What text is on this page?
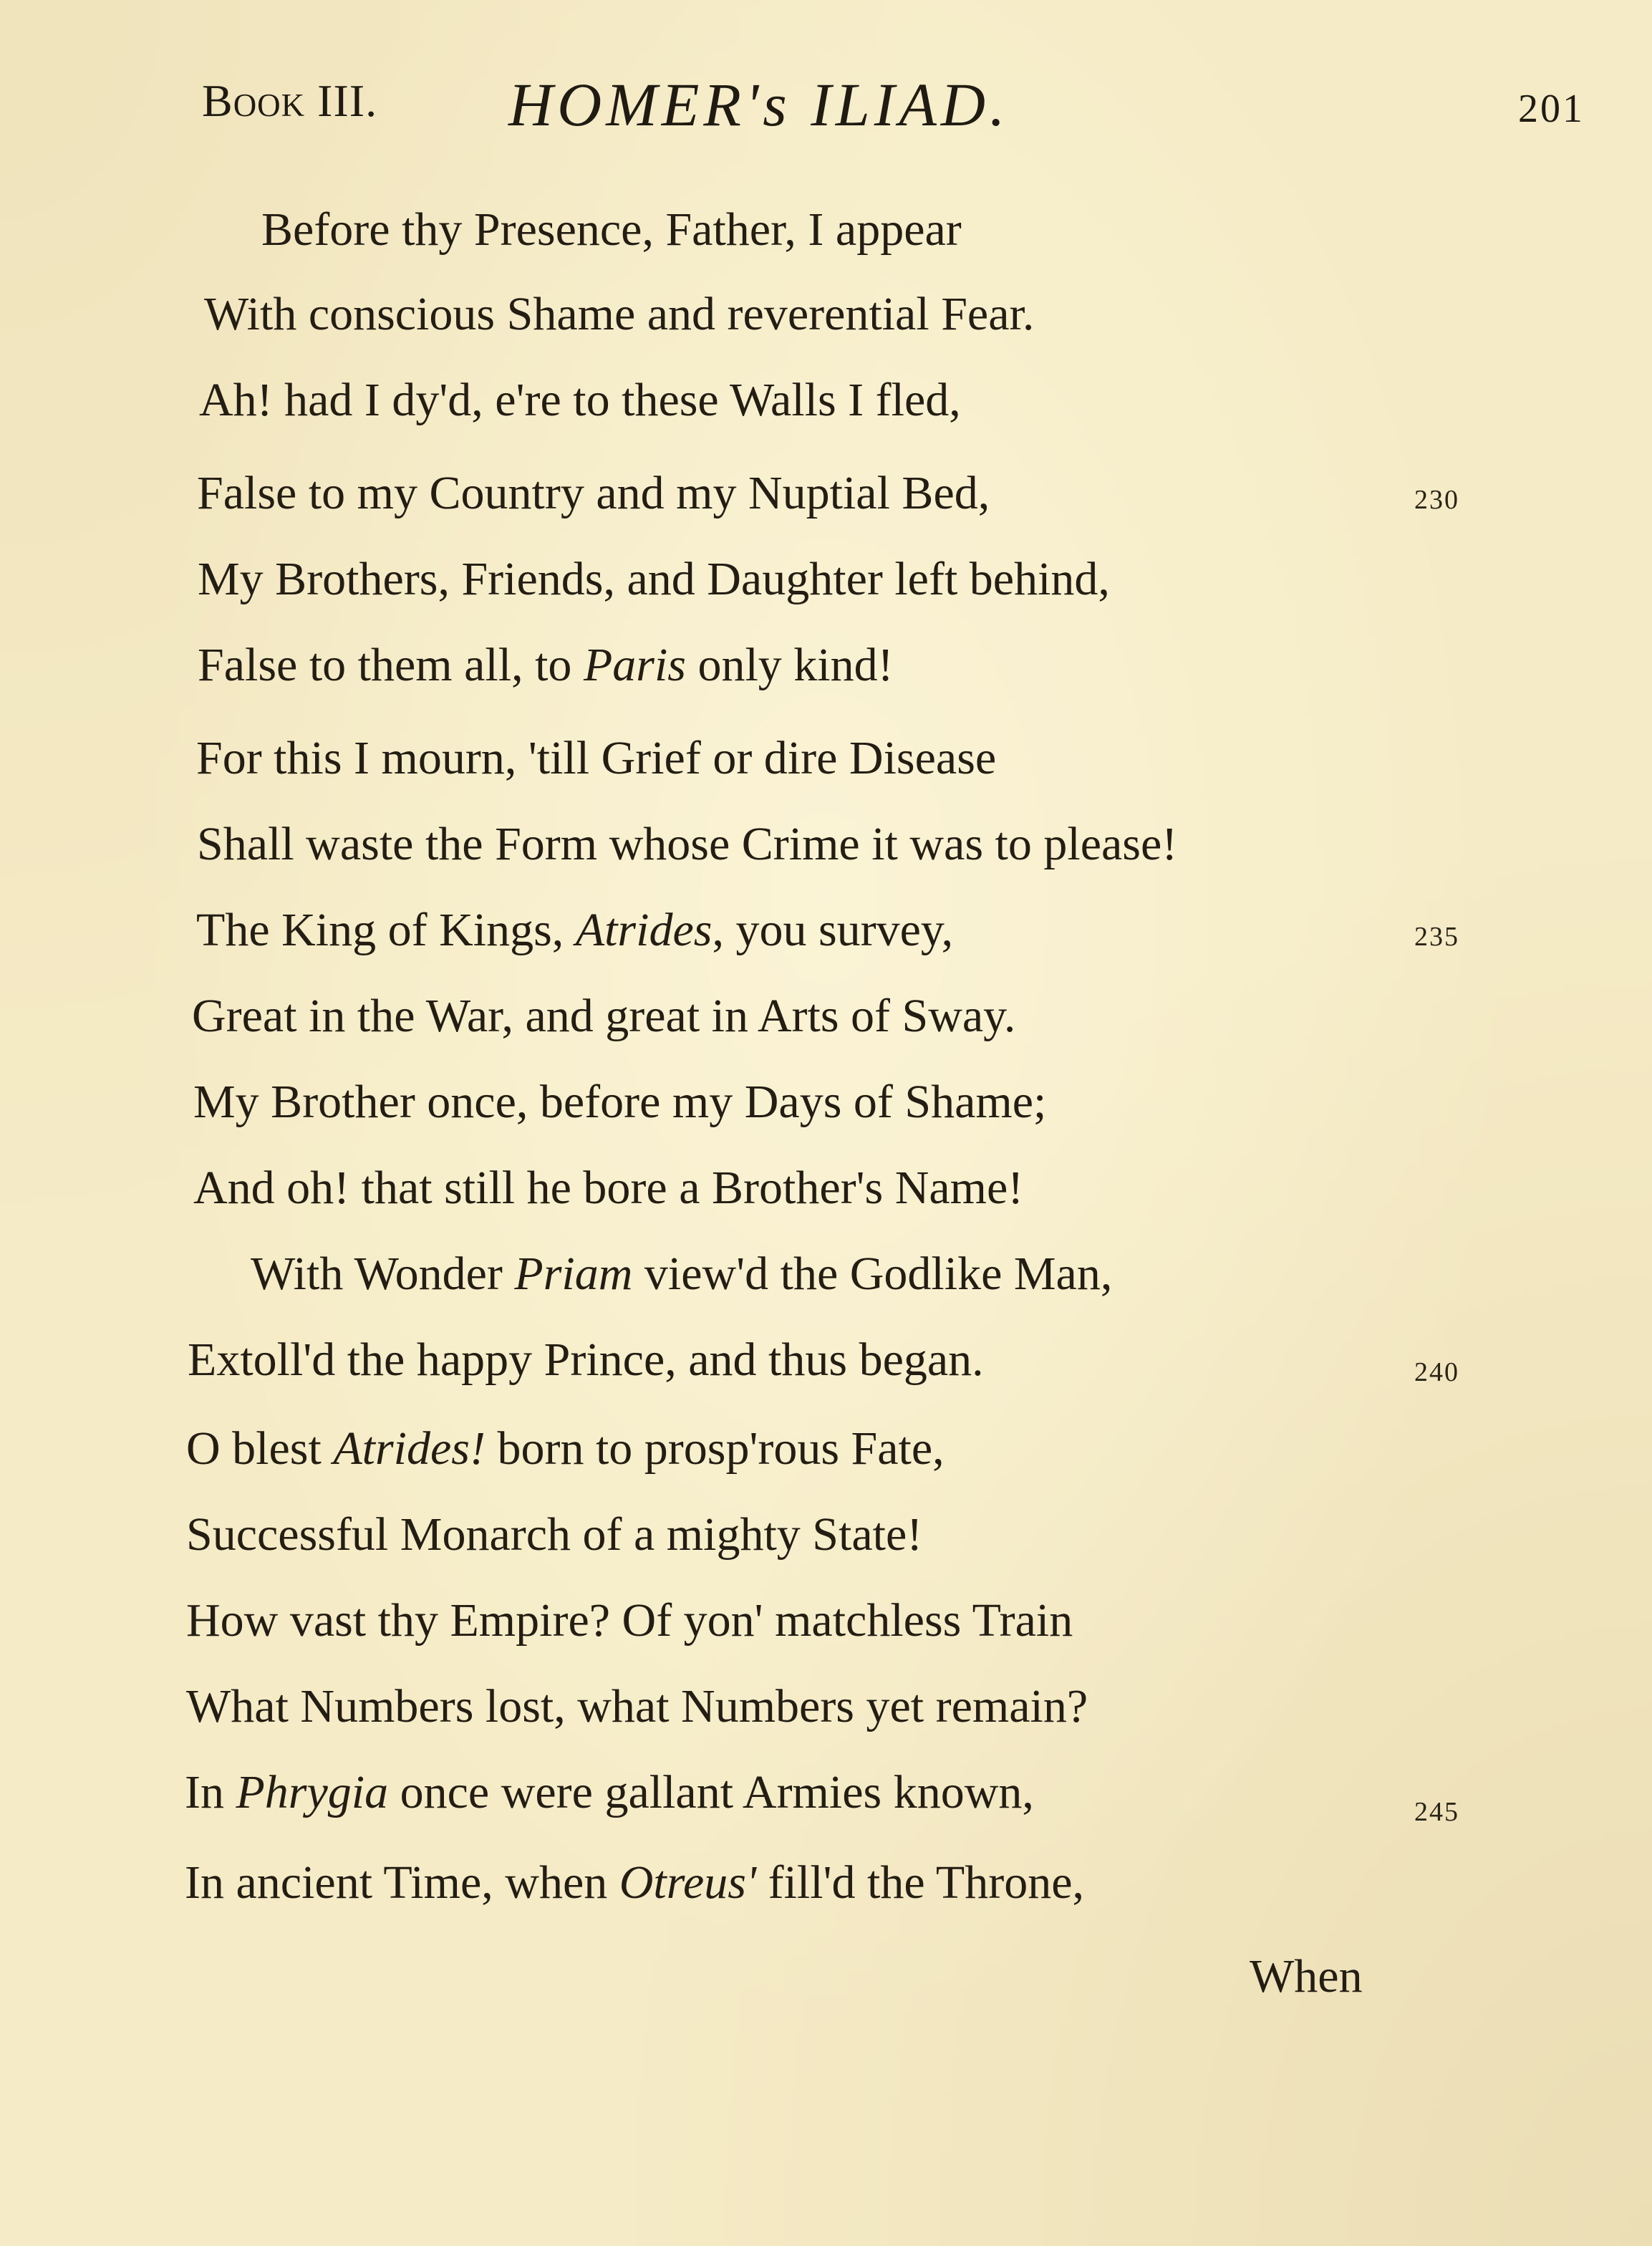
Book III. HOMER's ILIAD.	201
Before thy Presence, Father, I appear
With conscious Shame and reverential Fear.
Ah! had I dy'd, e're to these Walls I fled,
False to my Country and my Nuptial Bed,
My Brothers, Friends, and Daughter left behind,
False to them all, to Paris only kind!
For this I mourn, 'till Grief or dire Disease
Shall waste the Form whose Crime it was to please!
The King of Kings, Atrides, you survey,
Great in the War, and great in Arts of Sway.
My Brother once, before my Days of Shame;
And oh! that still he bore a Brother's Name!
With Wonder Priam view'd the Godlike Man,
Extoll'd the happy Prince, and thus began.
O blest Atrides! born to prosp'rous Fate,
Successful Monarch of a mighty State!
How vast thy Empire? Of yon' matchless Train
What Numbers lost, what Numbers yet remain?
In Phrygia once were gallant Armies known,
In ancient Time, when Otreus' fill'd the Throne,
230
235
240
245
When
